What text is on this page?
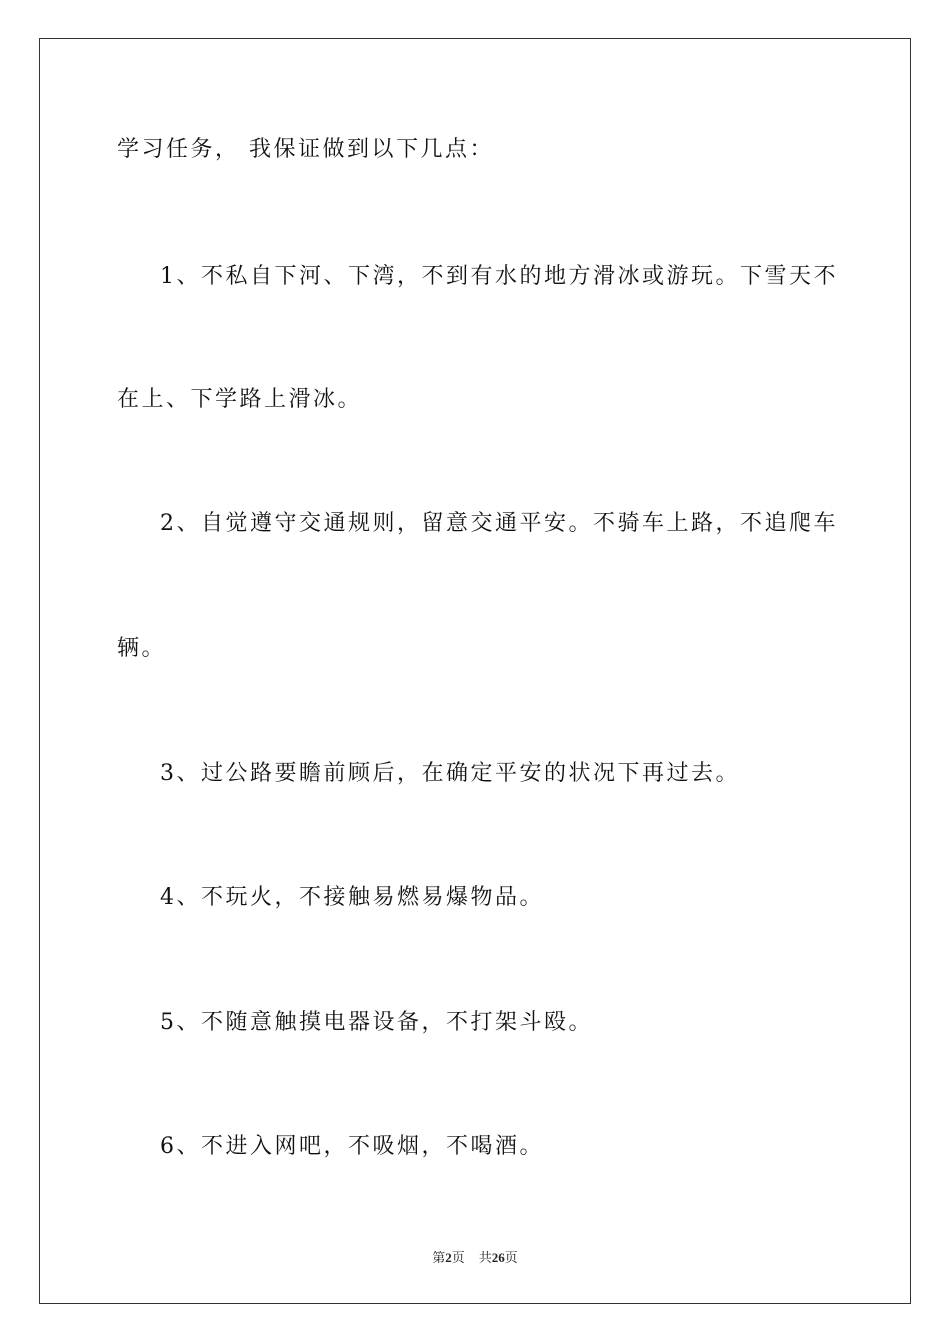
学习任务， 我保证做到以下几点：
1、不私自下河、下湾，不到有水的地方滑冰或游玩。下雪天不
在上、下学路上滑冰。
2、自觉遵守交通规则，留意交通平安。不骑车上路，不追爬车
辆。
3、过公路要瞻前顾后，在确定平安的状况下再过去。
4、不玩火，不接触易燃易爆物品。
5、不随意触摸电器设备，不打架斗殴。
6、不进入网吧，不吸烟，不喝酒。
第2页 共26页
